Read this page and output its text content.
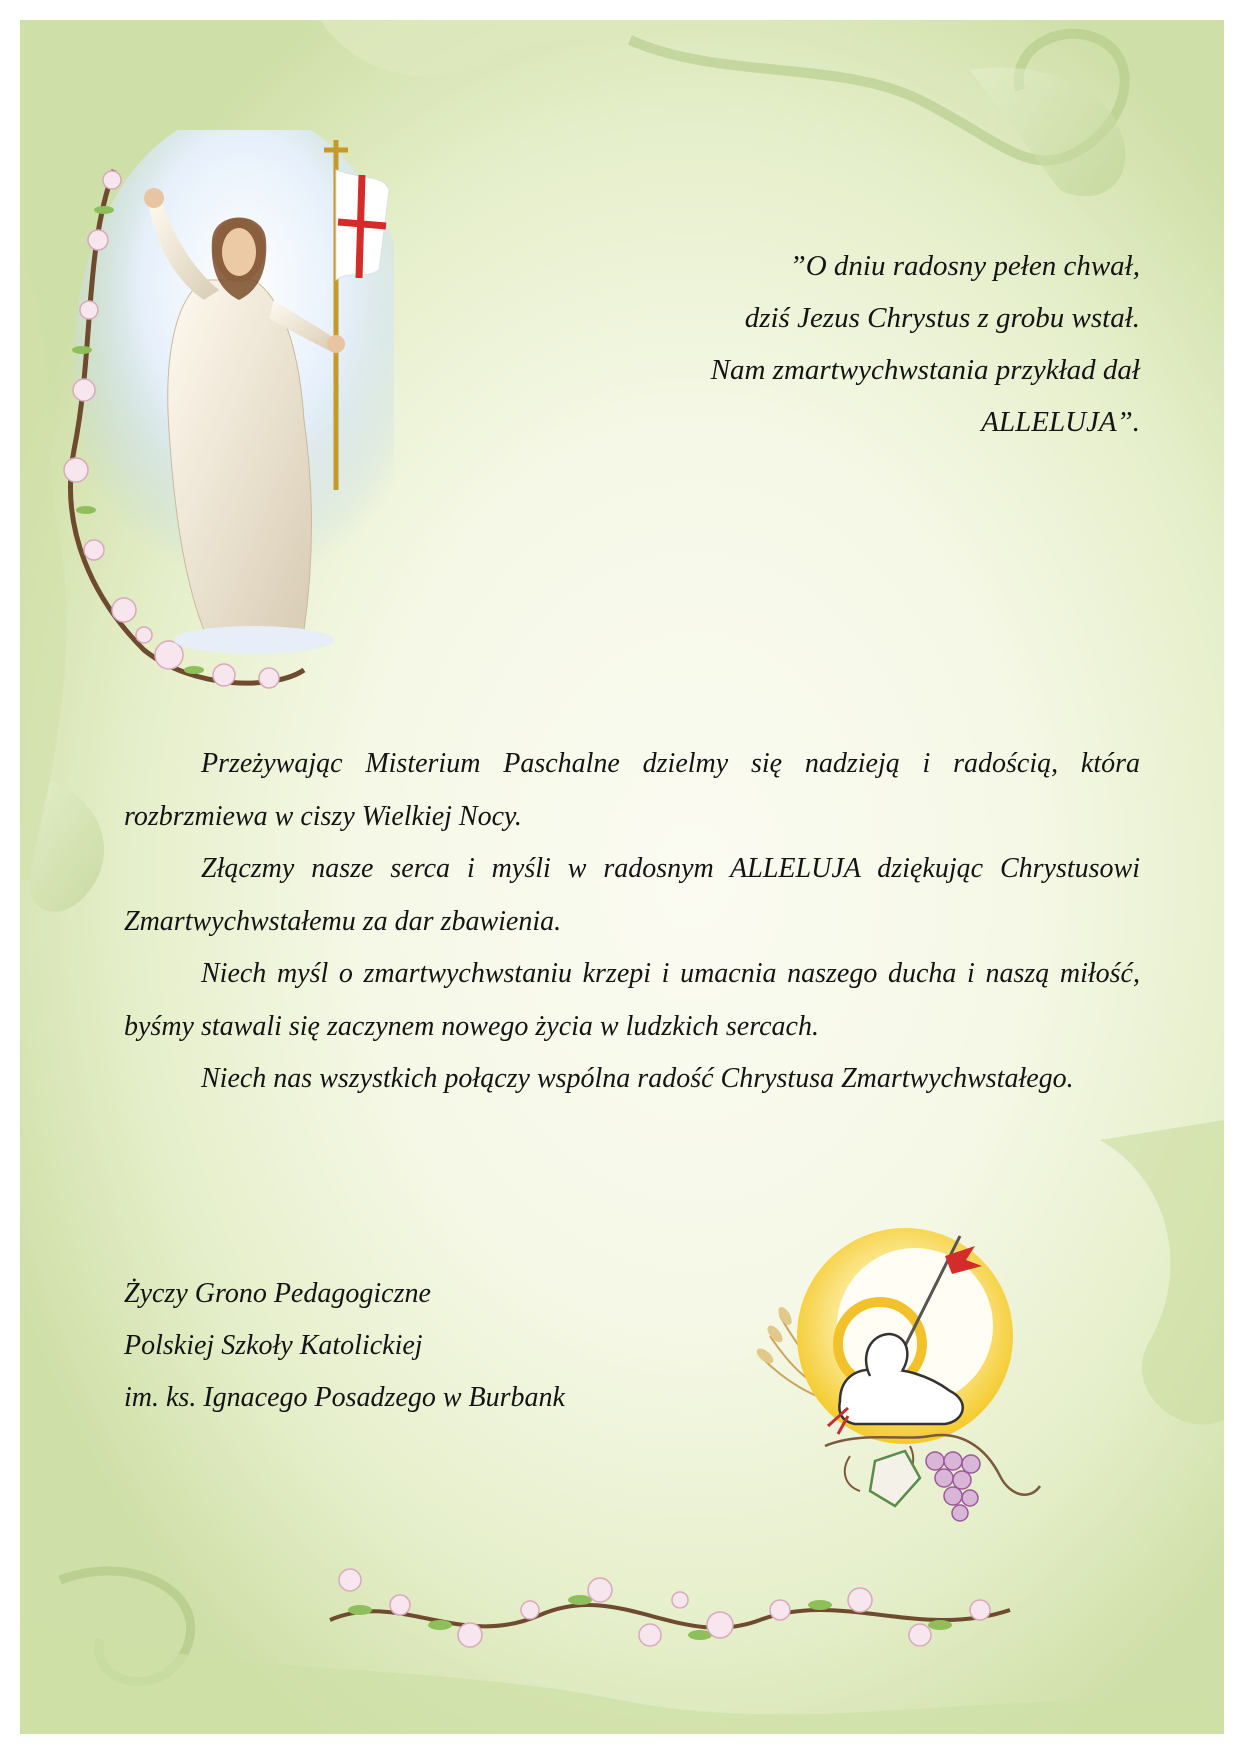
”O dniu radosny pełen chwał,
dziś Jezus Chrystus z grobu wstał.
Nam zmartwychwstania przykład dał
ALLELUJA”.

Przeżywając Misterium Paschalne dzielmy się nadzieją i radością, która rozbrzmiewa w ciszy Wielkiej Nocy.

Złączmy nasze serca i myśli w radosnym ALLELUJA dziękując Chrystusowi Zmartwychwstałemu za dar zbawienia.

Niech myśl o zmartwychwstaniu krzepi i umacnia naszego ducha i naszą miłość, byśmy stawali się zaczynem nowego życia w ludzkich sercach.

Niech nas wszystkich połączy wspólna radość Chrystusa Zmartwychwstałego.

Życzy Grono Pedagogiczne
Polskiej Szkoły Katolickiej
im. ks. Ignacego Posadzego w Burbank
